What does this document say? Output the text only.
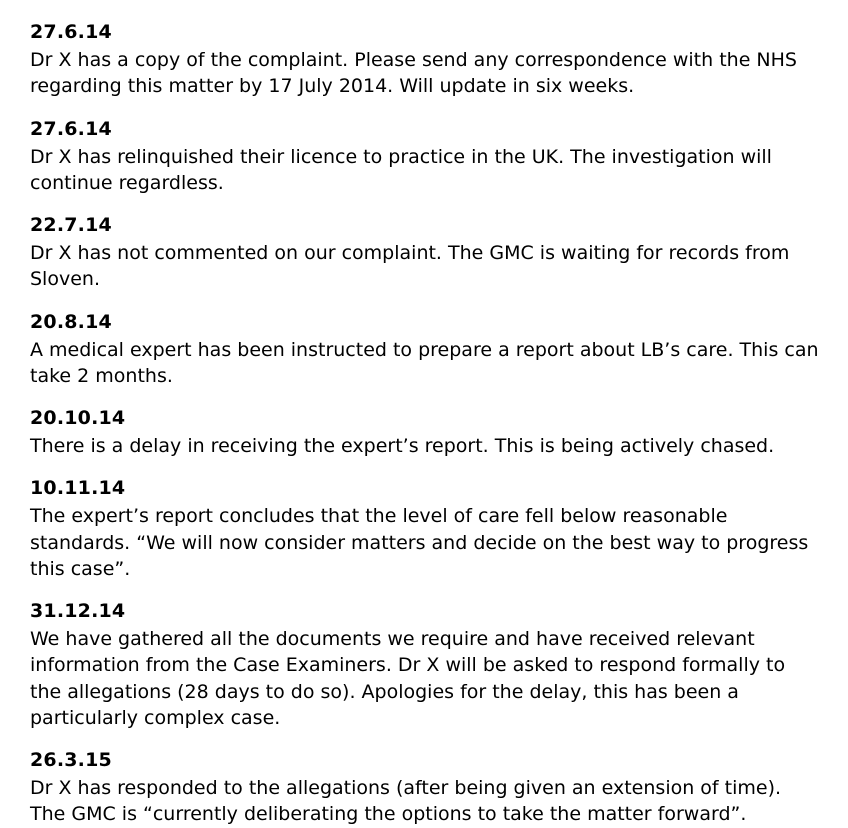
27.6.14
Dr X has a copy of the complaint. Please send any correspondence with the NHS regarding this matter by 17 July 2014. Will update in six weeks.
27.6.14
Dr X has relinquished their licence to practice in the UK. The investigation will continue regardless.
22.7.14
Dr X has not commented on our complaint. The GMC is waiting for records from Sloven.
20.8.14
A medical expert has been instructed to prepare a report about LB’s care. This can take 2 months.
20.10.14
There is a delay in receiving the expert’s report. This is being actively chased.
10.11.14
The expert’s report concludes that the level of care fell below reasonable standards. “We will now consider matters and decide on the best way to progress this case”.
31.12.14
We have gathered all the documents we require and have received relevant information from the Case Examiners. Dr X will be asked to respond formally to the allegations (28 days to do so). Apologies for the delay, this has been a particularly complex case.
26.3.15
Dr X has responded to the allegations (after being given an extension of time). The GMC is “currently deliberating the options to take the matter forward”.
